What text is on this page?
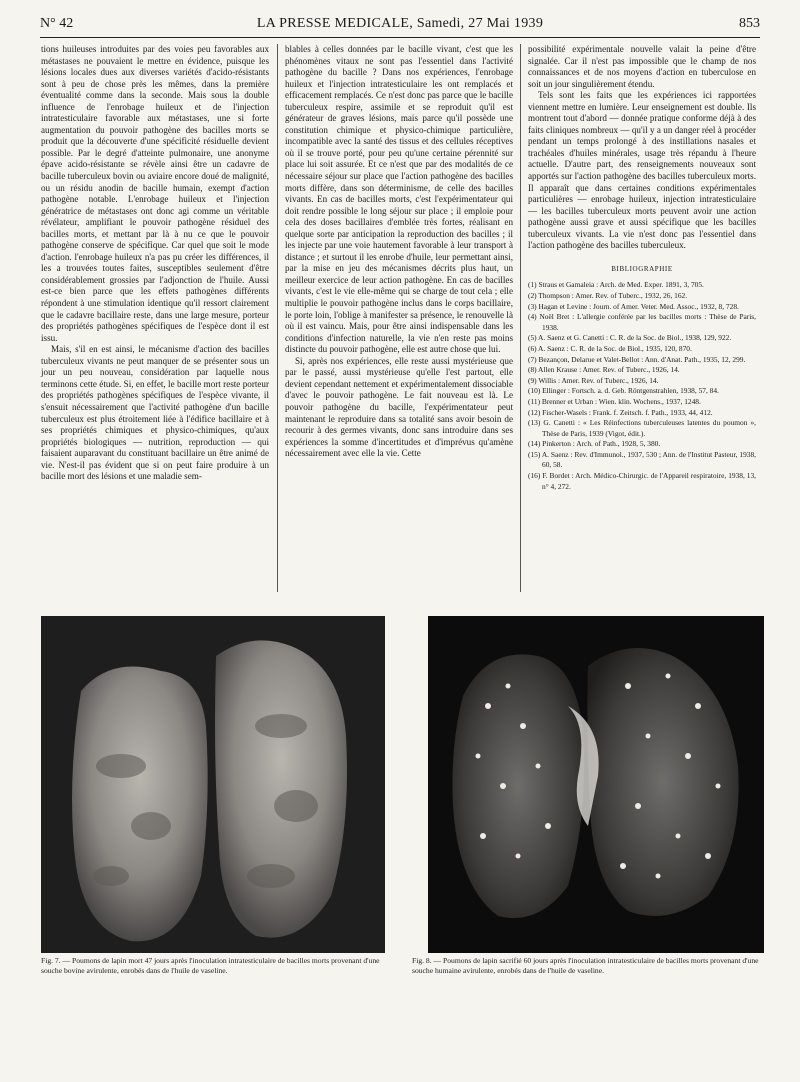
N° 42	LA PRESSE MEDICALE, Samedi, 27 Mai 1939	853

tions huileuses introduites par des voies peu favorables aux métastases ne pouvaient le mettre en évidence, puisque les lésions locales dues aux diverses variétés d'acido-résistants sont à peu de chose près les mêmes, dans la première éventualité comme dans la seconde. Mais sous la double influence de l'enrobage huileux et de l'injection intratesticulaire favorable aux métastases, une si forte augmentation du pouvoir pathogène des bacilles morts se produit que la découverte d'une spécificité résiduelle devient possible. Par le degré d'atteinte pulmonaire, une anonyme épave acido-résistante se révèle ainsi être un cadavre de bacille tuberculeux bovin ou aviaire encore doué de malignité, ou un résidu anodin de bacille humain, exempt d'action pathogène notable. L'enrobage huileux et l'injection génératrice de métastases ont donc agi comme un véritable révélateur, amplifiant le pouvoir pathogène résiduel des bacilles morts, et mettant par là à nu ce que le pouvoir pathogène conserve de spécifique. Car quel que soit le mode d'action. l'enrobage huileux n'a pas pu créer les différences, il les a trouvées toutes faites, susceptibles seulement d'être considérablement grossies par l'adjonction de l'huile. Aussi est-ce bien parce que les effets pathogènes différents répondent à une stimulation identique qu'il ressort clairement que le cadavre bacillaire reste, dans une large mesure, porteur des propriétés pathogènes spécifiques de l'espèce dont il est issu.

Mais, s'il en est ainsi, le mécanisme d'action des bacilles tuberculeux vivants ne peut manquer de se présenter sous un jour un peu nouveau, considération par laquelle nous terminons cette étude. Si, en effet, le bacille mort reste porteur des propriétés pathogènes spécifiques de l'espèce vivante, il s'ensuit nécessairement que l'activité pathogène d'un bacille tuberculeux est plus étroitement liée à l'édifice bacillaire et à ses propriétés chimiques et physico-chimiques, qu'aux propriétés biologiques — nutrition, reproduction — qui faisaient auparavant du constituant bacillaire un être animé de vie. N'est-il pas évident que si on peut faire produire à un bacille mort des lésions et une maladie sem-

blables à celles données par le bacille vivant, c'est que les phénomènes vitaux ne sont pas l'essentiel dans l'activité pathogène du bacille ? Dans nos expériences, l'enrobage huileux et l'injection intratesticulaire les ont remplacés et efficacement remplacés. Ce n'est donc pas parce que le bacille tuberculeux respire, assimile et se reproduit qu'il est générateur de graves lésions, mais parce qu'il possède une constitution chimique et physico-chimique particulière, incompatible avec la santé des tissus et des cellules réceptives où il se trouve porté, pour peu qu'une certaine pérennité sur place lui soit assurée. Et ce n'est que par des modalités de ce nécessaire séjour sur place que l'action pathogène des bacilles morts diffère, dans son déterminisme, de celle des bacilles vivants. En cas de bacilles morts, c'est l'expérimentateur qui doit rendre possible le long séjour sur place ; il emploie pour cela des doses bacillaires d'emblée très fortes, réalisant en quelque sorte par anticipation la reproduction des bacilles ; il les injecte par une voie hautement favorable à leur transport à distance ; et surtout il les enrobe d'huile, leur permettant ainsi, par la mise en jeu des mécanismes décrits plus haut, un meilleur exercice de leur action pathogène. En cas de bacilles vivants, c'est le vie elle-même qui se charge de tout cela ; elle multiplie le pouvoir pathogène inclus dans le corps bacillaire, le porte loin, l'oblige à manifester sa présence, le renouvelle là où il est vaincu. Mais, pour être ainsi indispensable dans les conditions d'infection naturelle, la vie n'en reste pas moins distincte du pouvoir pathogène, elle est autre chose que lui.

Si, après nos expériences, elle reste aussi mystérieuse que par le passé, aussi mystérieuse qu'elle l'est partout, elle devient cependant nettement et expérimentalement dissociable d'avec le pouvoir pathogène. Le fait nouveau est là. Le pouvoir pathogène du bacille, l'expérimentateur peut maintenant le reproduire dans sa totalité sans avoir besoin de recourir à des germes vivants, donc sans introduire dans ses expériences la somme d'incertitudes et d'imprévus qu'amène nécessairement avec elle la vie. Cette

possibilité expérimentale nouvelle valait la peine d'être signalée. Car il n'est pas impossible que le champ de nos connaissances et de nos moyens d'action en tuberculose en soit un jour singulièrement étendu.

Tels sont les faits que les expériences ici rapportées viennent mettre en lumière. Leur enseignement est double. Ils montrent tout d'abord — donnée pratique conforme déjà à des faits cliniques nombreux — qu'il y a un danger réel à procéder pendant un temps prolongé à des instillations nasales et trachéales d'huiles minérales, usage très répandu à l'heure actuelle. D'autre part, des renseignements nouveaux sont apportés sur l'action pathogène des bacilles tuberculeux morts. Il apparaît que dans certaines conditions expérimentales particulières — enrobage huileux, injection intratesticulaire — les bacilles tuberculeux morts peuvent avoir une action pathogène aussi grave et aussi spécifique que les bacilles tuberculeux vivants. La vie n'est donc pas l'essentiel dans l'action pathogène des bacilles tuberculeux.

BIBLIOGRAPHIE
(1) Straus et Gamaleia : Arch. de Med. Exper. 1891, 3, 705.
(2) Thompson : Amer. Rev. of Tuberc., 1932, 26, 162.
(3) Hagan et Levine : Journ. of Amer. Veter. Med. Assoc., 1932, 8, 728.
(4) Noël Bret : L'allergie conférée par les bacilles morts : Thèse de Paris, 1938.
(5) A. Saenz et G. Canetti : C. R. de la Soc. de Biol., 1938, 129, 922.
(6) A. Saenz : C. R. de la Soc. de Biol., 1935, 120, 870.
(7) Bezançon, Delarue et Valet-Bellot : Ann. d'Anat. Path., 1935, 12, 299.
(8) Allen Krause : Amer. Rev. of Tuberc., 1926, 14.
(9) Willis : Amer. Rev. of Tuberc., 1926, 14.
(10) Ellinger : Fortsch. a. d. Geb. Röntgenstrahlen, 1938, 57, 84.
(11) Brenner et Urban : Wien. klin. Wochens., 1937, 1248.
(12) Fischer-Wasels : Frank. f. Zeitsch. f. Path., 1933, 44, 412.
(13) G. Canetti : « Les Réinfections tuberculeuses latentes du poumon », Thèse de Paris, 1939 (Vigot, édit.).
(14) Pinkerton : Arch. of Path., 1928, 5, 380.
(15) A. Saenz : Rev. d'Immunol., 1937, 530 ; Ann. de l'Institut Pasteur, 1938, 60, 58.
(16) F. Bordet : Arch. Médico-Chirurgic. de l'Appareil respiratoire, 1938, 13, n° 4, 272.
Fig. 7. — Poumons de lapin mort 47 jours après l'inoculation intratesticulaire de bacilles morts provenant d'une souche bovine avirulente, enrobés dans de l'huile de vaseline.
Fig. 8. — Poumons de lapin sacrifié 60 jours après l'inoculation intratesticulaire de bacilles morts provenant d'une souche humaine avirulente, enrobés dans de l'huile de vaseline.
